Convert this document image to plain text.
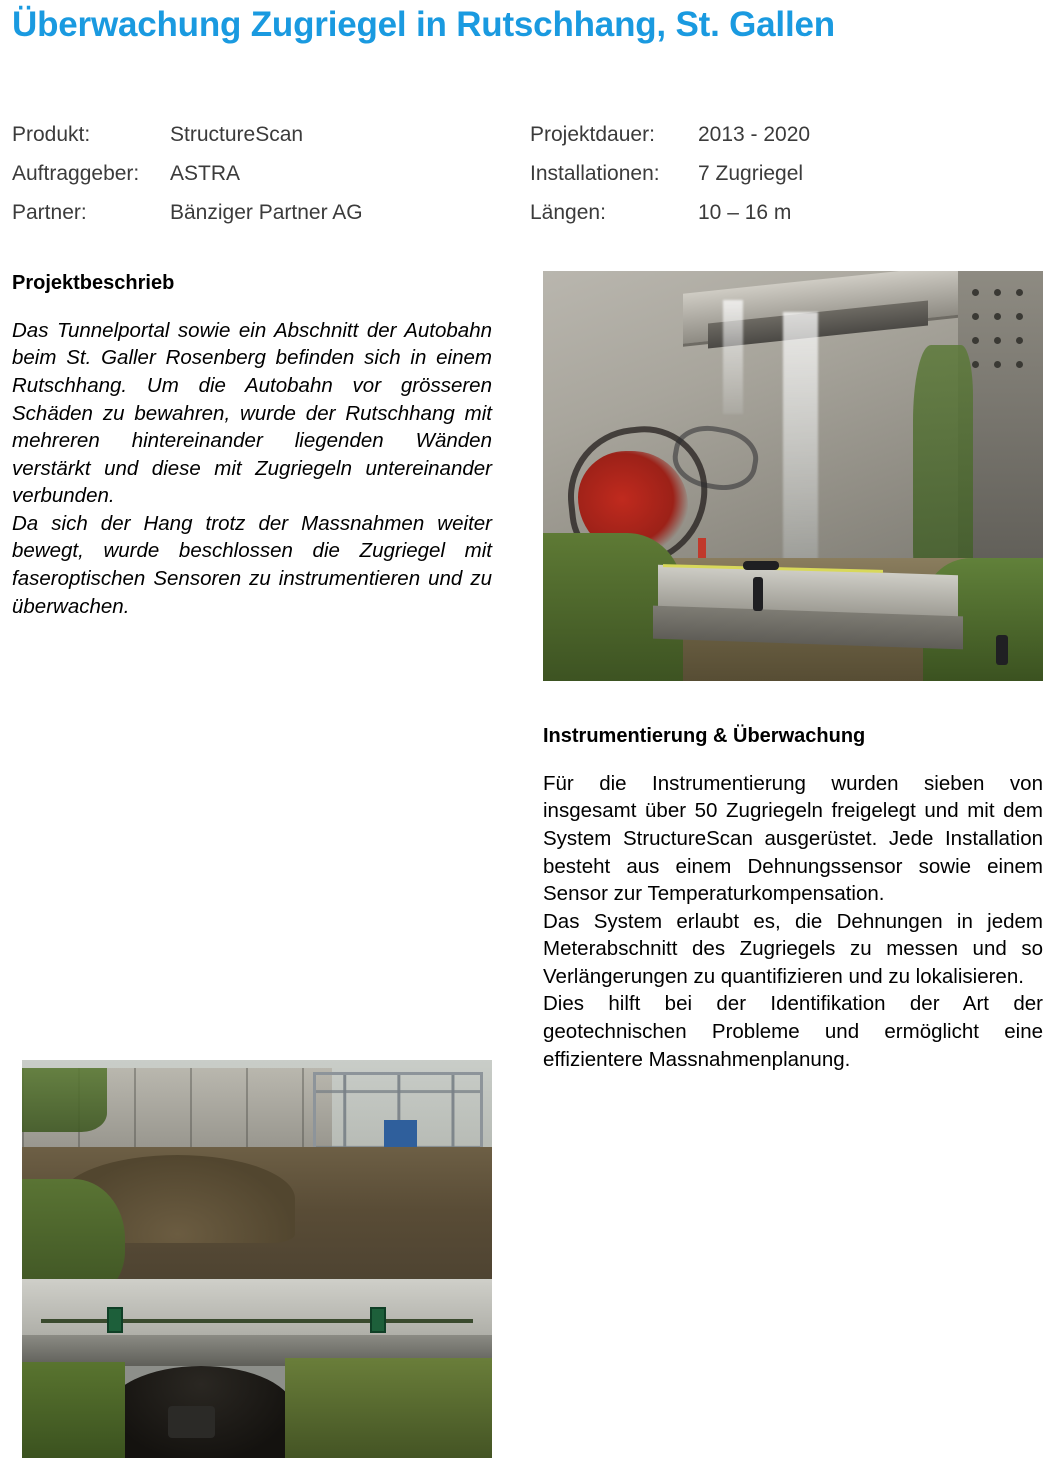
Überwachung Zugriegel in Rutschhang, St. Gallen
Produkt:	StructureScan
Auftraggeber:	ASTRA
Partner:	Bänziger Partner AG
Projektdauer:	2013 - 2020
Installationen:	7 Zugriegel
Längen:	10 – 16 m
Projektbeschrieb

Das Tunnelportal sowie ein Abschnitt der Autobahn beim St. Galler Rosenberg befinden sich in einem Rutschhang. Um die Autobahn vor grösseren Schäden zu bewahren, wurde der Rutschhang mit mehreren hintereinander liegenden Wänden verstärkt und diese mit Zugriegeln untereinander verbunden.

Da sich der Hang trotz der Massnahmen weiter bewegt, wurde beschlossen die Zugriegel mit faseroptischen Sensoren zu instrumentieren und zu überwachen.

Instrumentierung & Überwachung

Für die Instrumentierung wurden sieben von insgesamt über 50 Zugriegeln freigelegt und mit dem System StructureScan ausgerüstet. Jede Installation besteht aus einem Dehnungssensor sowie einem Sensor zur Temperaturkompensation.

Das System erlaubt es, die Dehnungen in jedem Meterabschnitt des Zugriegels zu messen und so Verlängerungen zu quantifizieren und zu lokalisieren.

Dies hilft bei der Identifikation der Art der geotechnischen Probleme und ermöglicht eine effizientere Massnahmenplanung.
